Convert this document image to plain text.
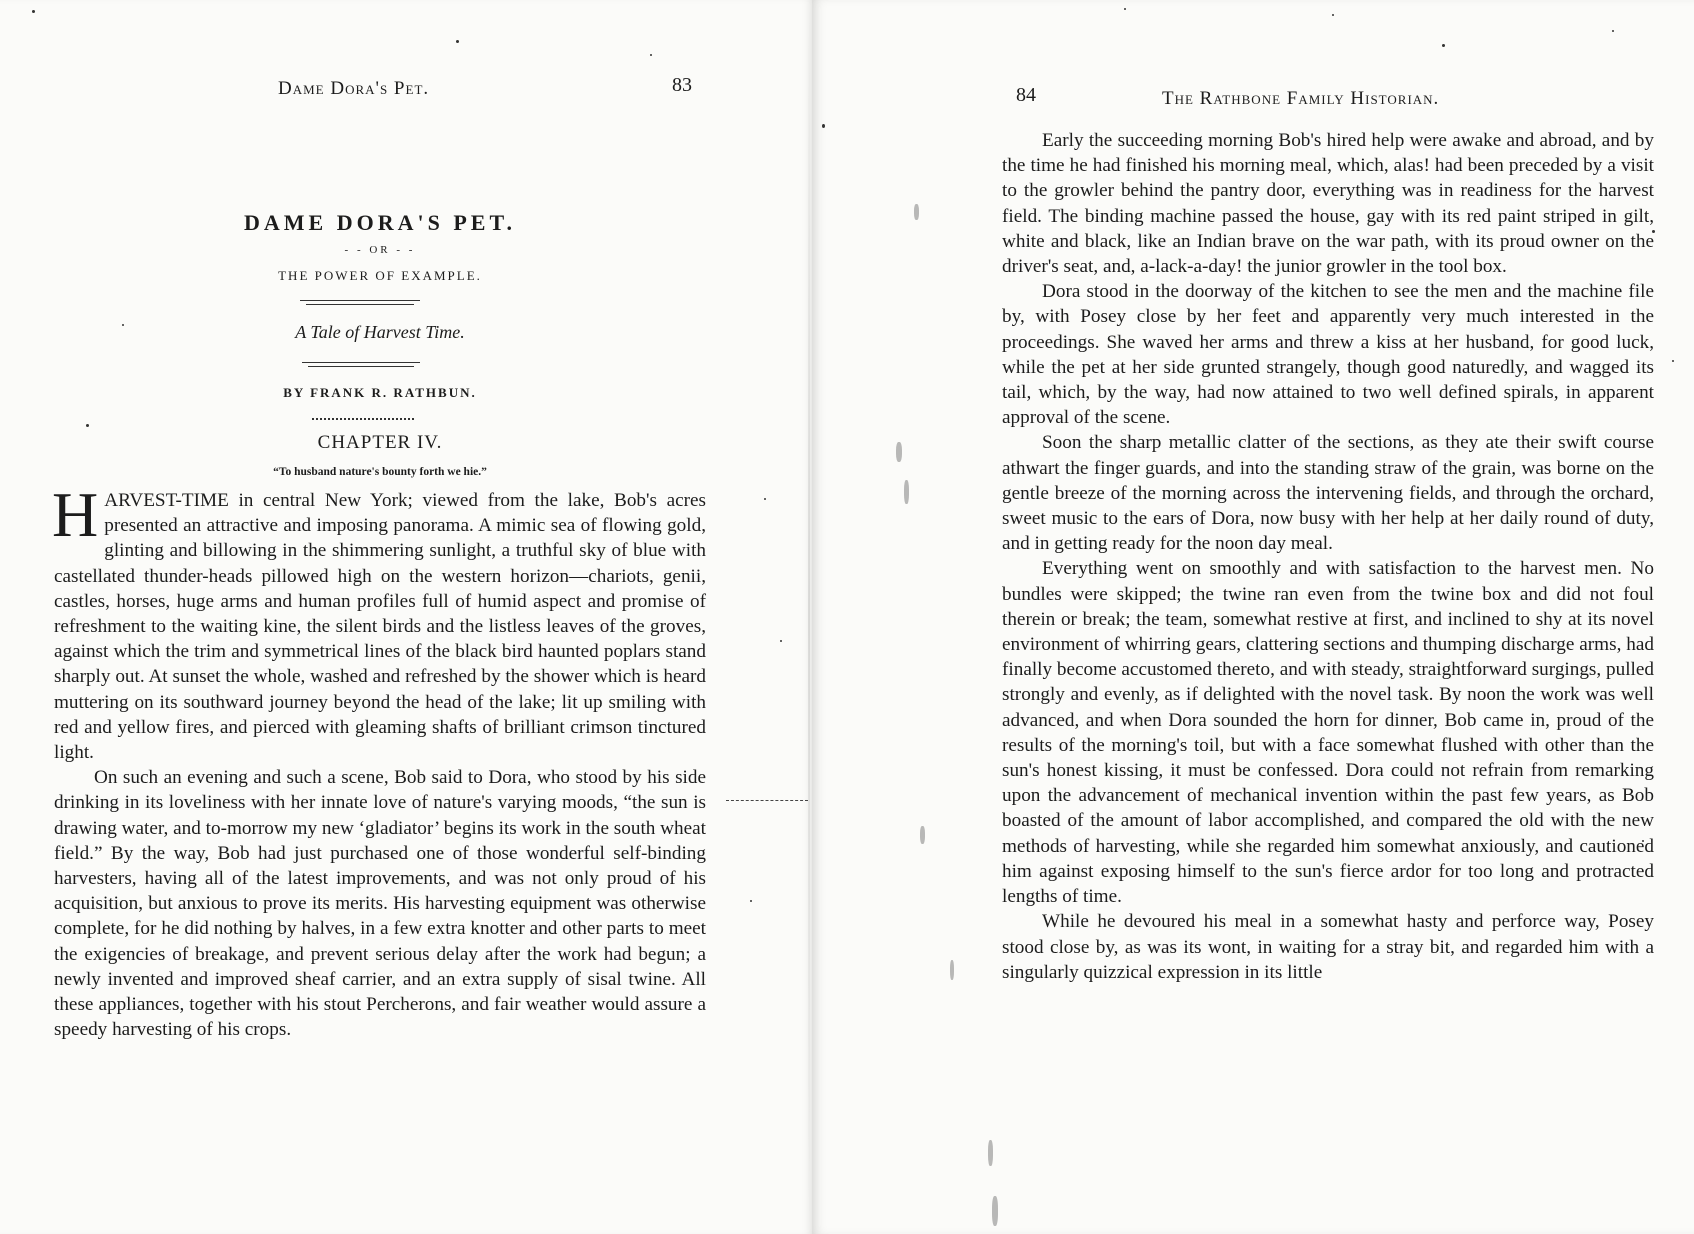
Dame Dora's Pet.	83
DAME DORA'S PET.
- - OR - -
THE POWER OF EXAMPLE.
A Tale of Harvest Time.
BY FRANK R. RATHBUN.
CHAPTER IV.
“To husband nature's bounty forth we hie.”

HARVEST-TIME in central New York; viewed from the lake, Bob's acres presented an attractive and imposing panorama. A mimic sea of flowing gold, glinting and billowing in the shimmering sunlight, a truthful sky of blue with castellated thunder-heads pillowed high on the western horizon—chariots, genii, castles, horses, huge arms and human profiles full of humid aspect and promise of refreshment to the waiting kine, the silent birds and the listless leaves of the groves, against which the trim and symmetrical lines of the black bird haunted poplars stand sharply out. At sunset the whole, washed and refreshed by the shower which is heard muttering on its southward journey beyond the head of the lake; lit up smiling with red and yellow fires, and pierced with gleaming shafts of brilliant crimson tinctured light.

On such an evening and such a scene, Bob said to Dora, who stood by his side drinking in its loveliness with her innate love of nature's varying moods, “the sun is drawing water, and to-morrow my new ‘gladiator’ begins its work in the south wheat field.” By the way, Bob had just purchased one of those wonderful self-binding harvesters, having all of the latest improvements, and was not only proud of his acquisition, but anxious to prove its merits. His harvesting equipment was otherwise complete, for he did nothing by halves, in a few extra knotter and other parts to meet the exigencies of breakage, and prevent serious delay after the work had begun; a newly invented and improved sheaf carrier, and an extra supply of sisal twine. All these appliances, together with his stout Percherons, and fair weather would assure a speedy harvesting of his crops.

84	The Rathbone Family Historian.

Early the succeeding morning Bob's hired help were awake and abroad, and by the time he had finished his morning meal, which, alas! had been preceded by a visit to the growler behind the pantry door, everything was in readiness for the harvest field. The binding machine passed the house, gay with its red paint striped in gilt, white and black, like an Indian brave on the war path, with its proud owner on the driver's seat, and, a-lack-a-day! the junior growler in the tool box.

Dora stood in the doorway of the kitchen to see the men and the machine file by, with Posey close by her feet and apparently very much interested in the proceedings. She waved her arms and threw a kiss at her husband, for good luck, while the pet at her side grunted strangely, though good naturedly, and wagged its tail, which, by the way, had now attained to two well defined spirals, in apparent approval of the scene.

Soon the sharp metallic clatter of the sections, as they ate their swift course athwart the finger guards, and into the standing straw of the grain, was borne on the gentle breeze of the morning across the intervening fields, and through the orchard, sweet music to the ears of Dora, now busy with her help at her daily round of duty, and in getting ready for the noon day meal.

Everything went on smoothly and with satisfaction to the harvest men. No bundles were skipped; the twine ran even from the twine box and did not foul therein or break; the team, somewhat restive at first, and inclined to shy at its novel environment of whirring gears, clattering sections and thumping discharge arms, had finally become accustomed thereto, and with steady, straightforward surgings, pulled strongly and evenly, as if delighted with the novel task. By noon the work was well advanced, and when Dora sounded the horn for dinner, Bob came in, proud of the results of the morning's toil, but with a face somewhat flushed with other than the sun's honest kissing, it must be confessed. Dora could not refrain from remarking upon the advancement of mechanical invention within the past few years, as Bob boasted of the amount of labor accomplished, and compared the old with the new methods of harvesting, while she regarded him somewhat anxiously, and cautioned him against exposing himself to the sun's fierce ardor for too long and protracted lengths of time.

While he devoured his meal in a somewhat hasty and perforce way, Posey stood close by, as was its wont, in waiting for a stray bit, and regarded him with a singularly quizzical expression in its little
